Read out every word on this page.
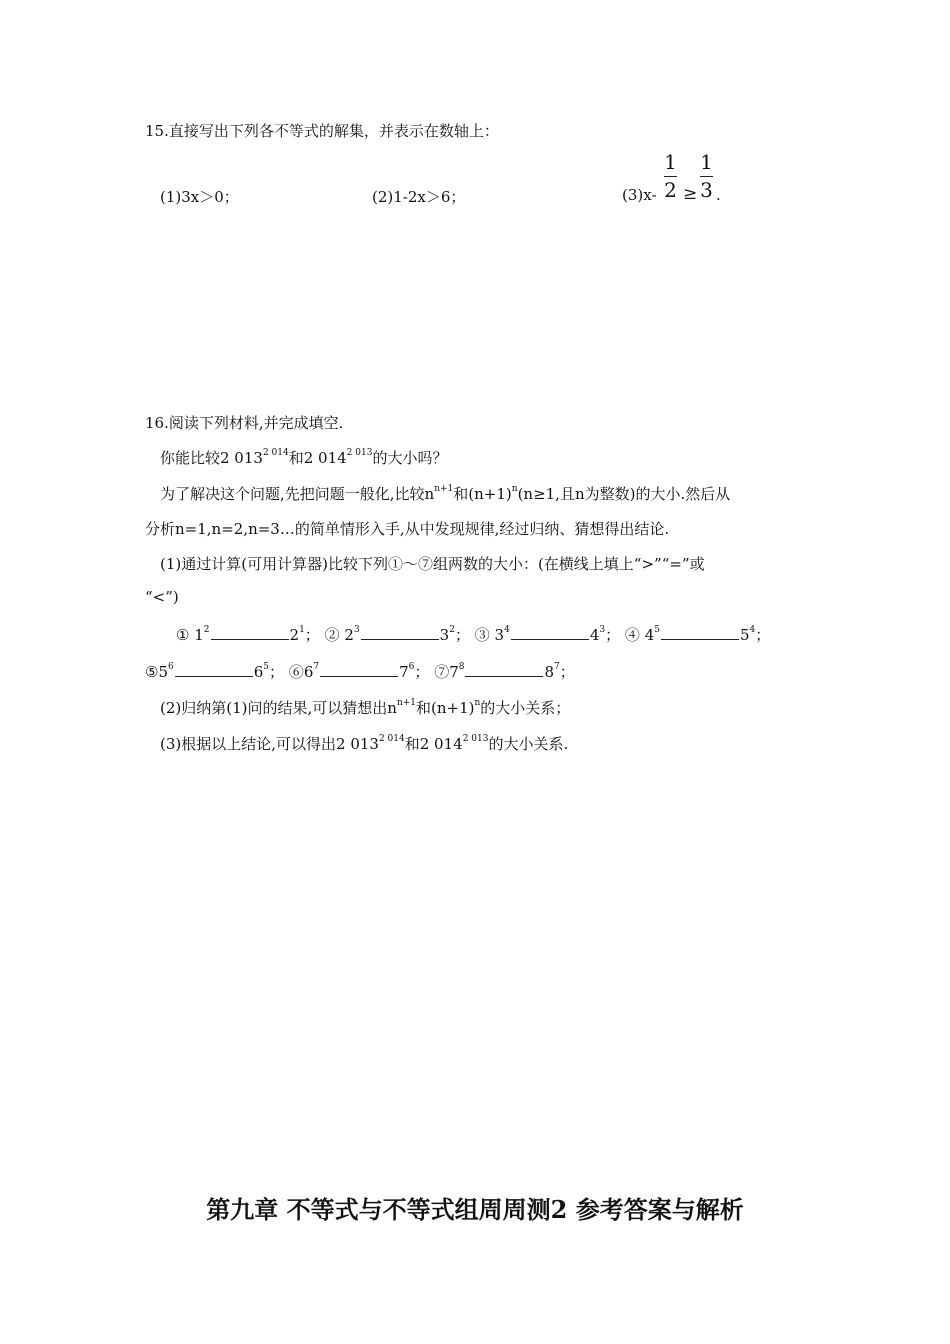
15.直接写出下列各不等式的解集，并表示在数轴上：
(1)3x＞0；	(2)1-2x＞6；	(3)x-
1
2 ≥
1
3 .
16.阅读下列材料,并完成填空.
你能比较2 $013^{2 014}$和2 $014^{2 013}$的大小吗？
为了解决这个问题,先把问题一般化,比较$n^{n+1}$和$(n+1)^n(n\ge 1$,且n为整数)的大小.然后从
分析n=1,n=2,n=3…的简单情形入手,从中发现规律,经过归纳、猜想得出结论.
(1)通过计算(可用计算器)比较下列①～⑦组两数的大小：(在横线上填上“>”“=”或
“<”)
① $1^2$	$2^1$； ② $2^3$	$3^2$； ③ $3^4$	$4^3$； ④ $4^5$	$5^4$；
$⑤5^6$	$6^5$； $⑥6^7$	$7^6$； $⑦7^8$	$8^7$；
(2)归纳第(1)问的结果,可以猜想出$n^{n+1}$和$(n+1)^n$的大小关系；
(3)根据以上结论,可以得出2 $013^{2 014}$和2 $014^{2 013}$的大小关系.
第九章 不等式与不等式组周周测2 参考答案与解析
